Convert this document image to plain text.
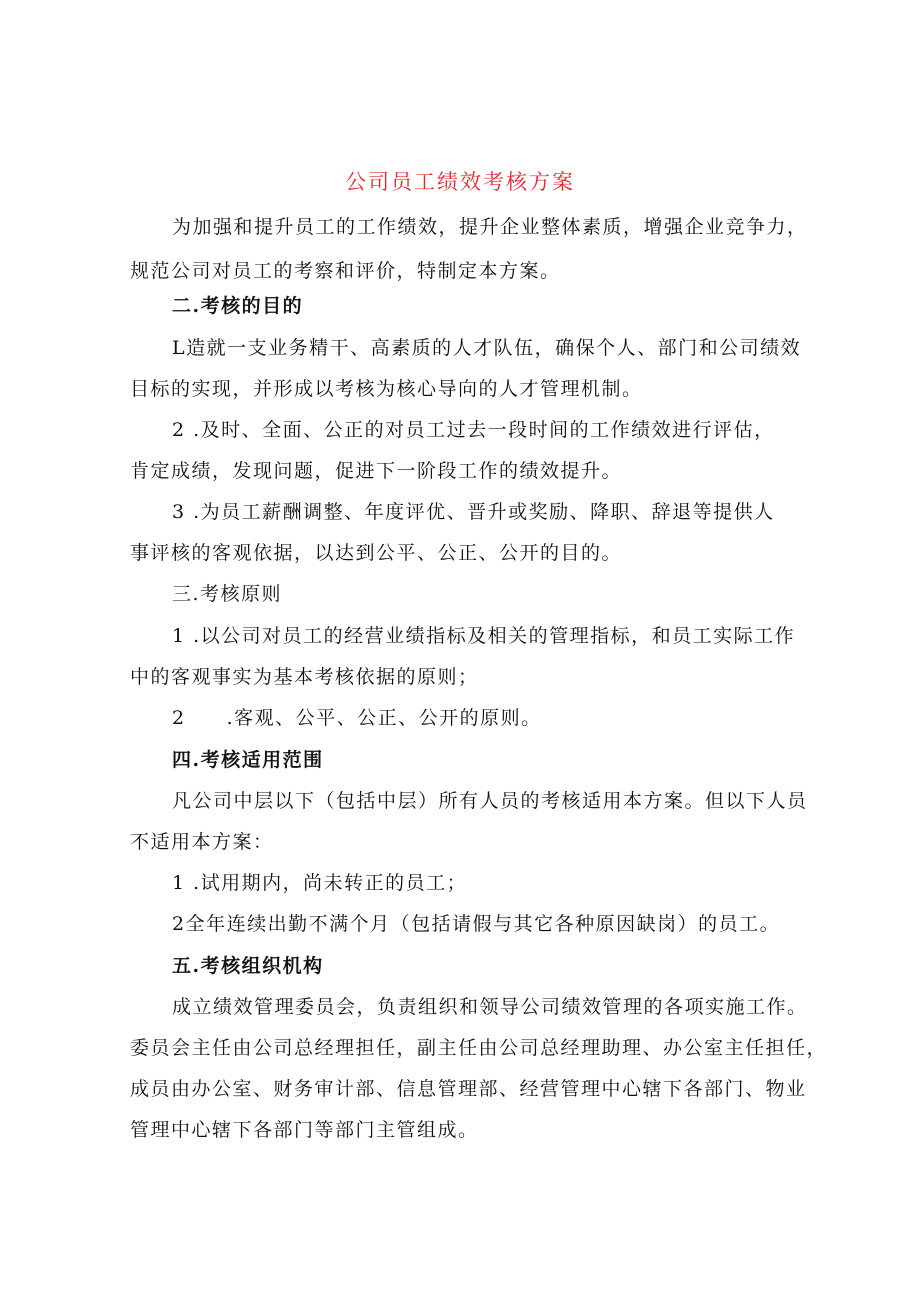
公司员工绩效考核方案
为加强和提升员工的工作绩效，提升企业整体素质，增强企业竞争力，
规范公司对员工的考察和评价，特制定本方案。
二.考核的目的
L造就一支业务精干、高素质的人才队伍，确保个人、部门和公司绩效
目标的实现，并形成以考核为核心导向的人才管理机制。
2 .及时、全面、公正的对员工过去一段时间的工作绩效进行评估，
肯定成绩，发现问题，促进下一阶段工作的绩效提升。
3 .为员工薪酬调整、年度评优、晋升或奖励、降职、辞退等提供人
事评核的客观依据，以达到公平、公正、公开的目的。
三.考核原则
1 .以公司对员工的经营业绩指标及相关的管理指标，和员工实际工作
中的客观事实为基本考核依据的原则；
2　　.客观、公平、公正、公开的原则。
四.考核适用范围
凡公司中层以下（包括中层）所有人员的考核适用本方案。但以下人员
不适用本方案：
1 .试用期内，尚未转正的员工；
2全年连续出勤不满个月（包括请假与其它各种原因缺岗）的员工。
五.考核组织机构
成立绩效管理委员会，负责组织和领导公司绩效管理的各项实施工作。
委员会主任由公司总经理担任，副主任由公司总经理助理、办公室主任担任，
成员由办公室、财务审计部、信息管理部、经营管理中心辖下各部门、物业
管理中心辖下各部门等部门主管组成。
